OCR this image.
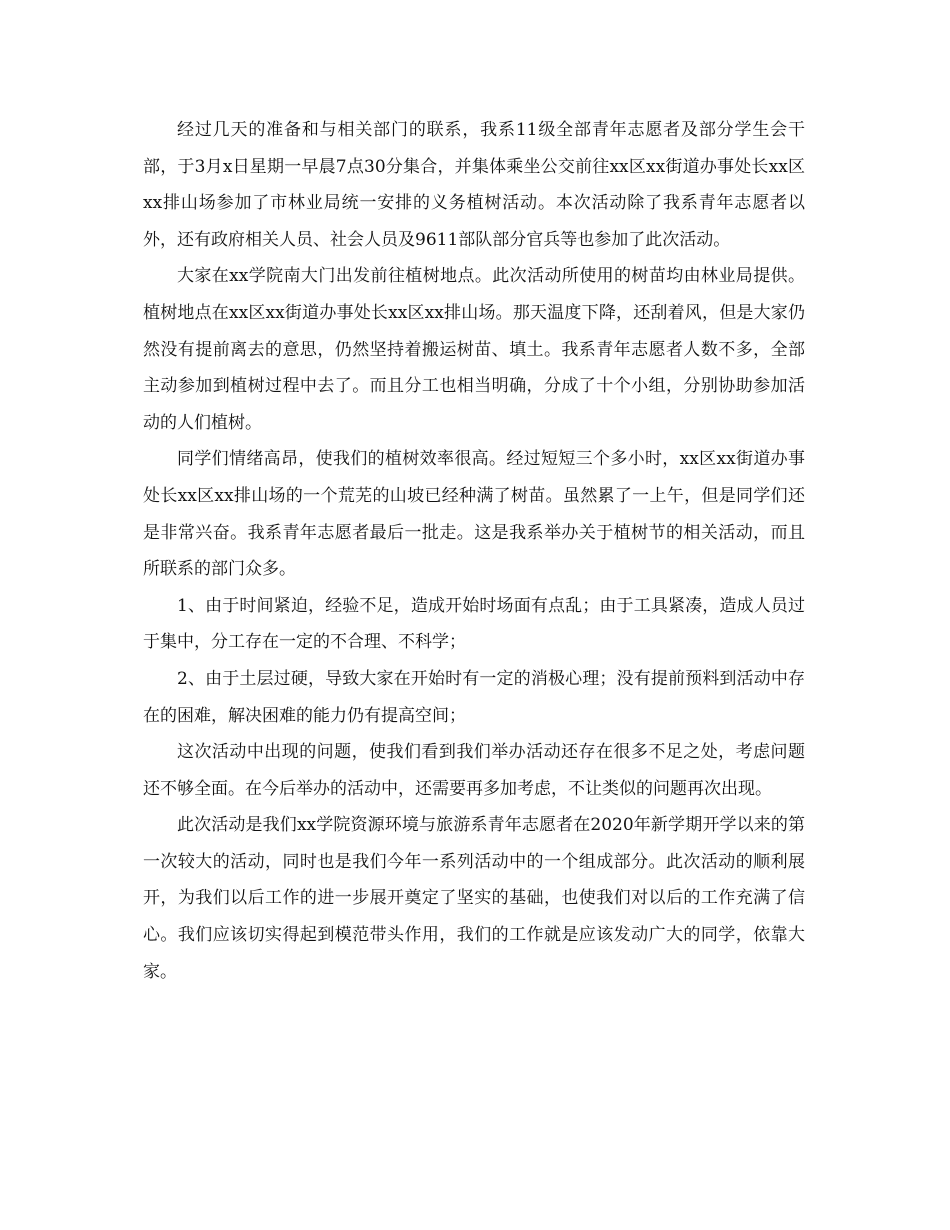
经过几天的准备和与相关部门的联系，我系11级全部青年志愿者及部分学生会干部，于3月x日星期一早晨7点30分集合，并集体乘坐公交前往xx区xx街道办事处长xx区xx排山场参加了市林业局统一安排的义务植树活动。本次活动除了我系青年志愿者以外，还有政府相关人员、社会人员及9611部队部分官兵等也参加了此次活动。

大家在xx学院南大门出发前往植树地点。此次活动所使用的树苗均由林业局提供。植树地点在xx区xx街道办事处长xx区xx排山场。那天温度下降，还刮着风，但是大家仍然没有提前离去的意思，仍然坚持着搬运树苗、填土。我系青年志愿者人数不多，全部主动参加到植树过程中去了。而且分工也相当明确，分成了十个小组，分别协助参加活动的人们植树。

同学们情绪高昂，使我们的植树效率很高。经过短短三个多小时，xx区xx街道办事处长xx区xx排山场的一个荒芜的山坡已经种满了树苗。虽然累了一上午，但是同学们还是非常兴奋。我系青年志愿者最后一批走。这是我系举办关于植树节的相关活动，而且所联系的部门众多。

1、由于时间紧迫，经验不足，造成开始时场面有点乱；由于工具紧凑，造成人员过于集中，分工存在一定的不合理、不科学；

2、由于土层过硬，导致大家在开始时有一定的消极心理；没有提前预料到活动中存在的困难，解决困难的能力仍有提高空间；

这次活动中出现的问题，使我们看到我们举办活动还存在很多不足之处，考虑问题还不够全面。在今后举办的活动中，还需要再多加考虑，不让类似的问题再次出现。

此次活动是我们xx学院资源环境与旅游系青年志愿者在2020年新学期开学以来的第一次较大的活动，同时也是我们今年一系列活动中的一个组成部分。此次活动的顺利展开，为我们以后工作的进一步展开奠定了坚实的基础，也使我们对以后的工作充满了信心。我们应该切实得起到模范带头作用，我们的工作就是应该发动广大的同学，依靠大家。
